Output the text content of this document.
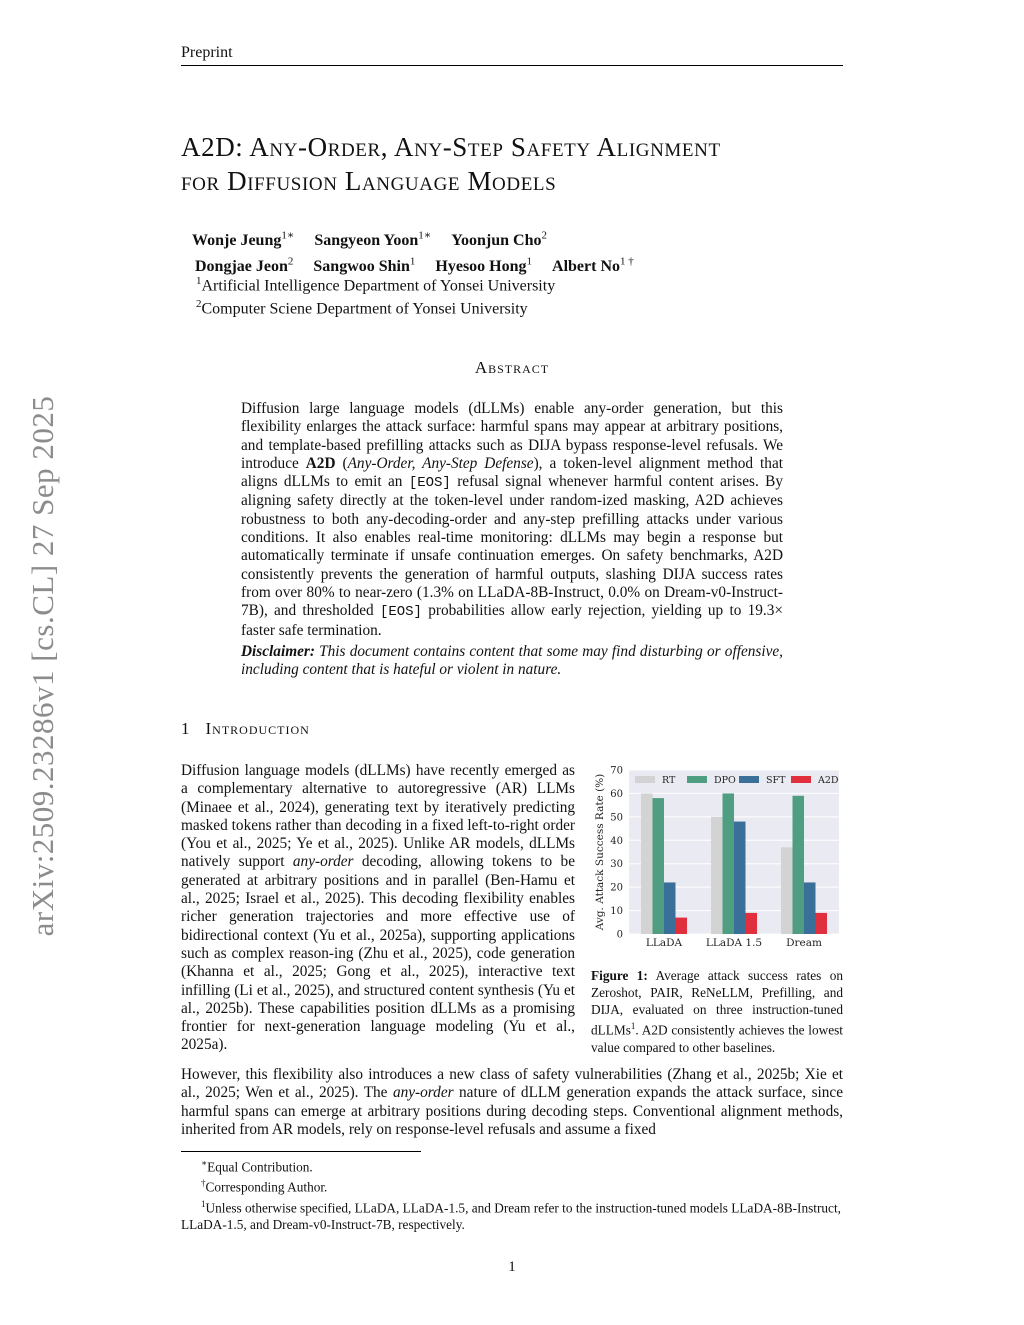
Preprint
arXiv:2509.23286v1 [cs.CL] 27 Sep 2025
A2D: Any-Order, Any-Step Safety Alignment
for Diffusion Language Models
Wonje Jeung$^{1∗}$ Sangyeon Yoon$^{1∗}$ Yoonjun Cho$^2$
Dongjae Jeon$^2$ Sangwoo Shin$^1$ Hyesoo Hong$^1$ Albert $No^{1 \dagger}$
$^1$Artificial Intelligence Department of Yonsei University
$^2$Computer Sciene Department of Yonsei University
Abstract
Diffusion large language models (dLLMs) enable any-order generation, but this flexibility enlarges the attack surface: harmful spans may appear at arbitrary positions, and template-based prefilling attacks such as DIJA bypass response-level refusals. We introduce A2D (Any-Order, Any-Step Defense), a token-level alignment method that aligns dLLMs to emit an [EOS] refusal signal whenever harmful content arises. By aligning safety directly at the token-level under random-ized masking, A2D achieves robustness to both any-decoding-order and any-step prefilling attacks under various conditions. It also enables real-time monitoring: dLLMs may begin a response but automatically terminate if unsafe continuation emerges. On safety benchmarks, A2D consistently prevents the generation of harmful outputs, slashing DIJA success rates from over 80% to near-zero (1.3% on LLaDA-8B-Instruct, 0.0% on Dream-v0-Instruct-7B), and thresholded [EOS] probabilities allow early rejection, yielding up to 19.3× faster safe termination.
Disclaimer: This document contains content that some may find disturbing or offensive, including content that is hateful or violent in nature.
1 Introduction
Diffusion language models (dLLMs) have recently emerged as a complementary alternative to autoregressive (AR) LLMs (Minaee et al., 2024), generating text by iteratively predicting masked tokens rather than decoding in a fixed left-to-right order (You et al., 2025; Ye et al., 2025). Unlike AR models, dLLMs natively support any-order decoding, allowing tokens to be generated at arbitrary positions and in parallel (Ben-Hamu et al., 2025; Israel et al., 2025). This decoding flexibility enables richer generation trajectories and more effective use of bidirectional context (Yu et al., 2025a), supporting applications such as complex reason-ing (Zhu et al., 2025), code generation (Khanna et al., 2025; Gong et al., 2025), interactive text infilling (Li et al., 2025), and structured content synthesis (Yu et al., 2025b). These capabilities position dLLMs as a promising frontier for next-generation language modeling (Yu et al., 2025a).
0
10
20
30
40
50
60
70
Avg. Attack Success Rate (%)
LLaDA LLaDA 1.5 Dream
RT	DPO	SFT	A2D
Figure 1: Average attack success rates on Zeroshot, PAIR, ReNeLLM, Prefilling, and DIJA, evaluated on three instruction-tuned dLLMs$^1$. A2D consistently achieves the lowest value compared to other baselines.
However, this flexibility also introduces a new class of safety vulnerabilities (Zhang et al., 2025b; Xie et al., 2025; Wen et al., 2025). The any-order nature of dLLM generation expands the attack surface, since harmful spans can emerge at arbitrary positions during decoding steps. Conventional alignment methods, inherited from AR models, rely on response-level refusals and assume a fixed
∗Equal Contribution.
†Corresponding Author.
$^1$Unless otherwise specified, LLaDA, LLaDA-1.5, and Dream refer to the instruction-tuned models LLaDA-8B-Instruct, LLaDA-1.5, and Dream-v0-Instruct-7B, respectively.
1
